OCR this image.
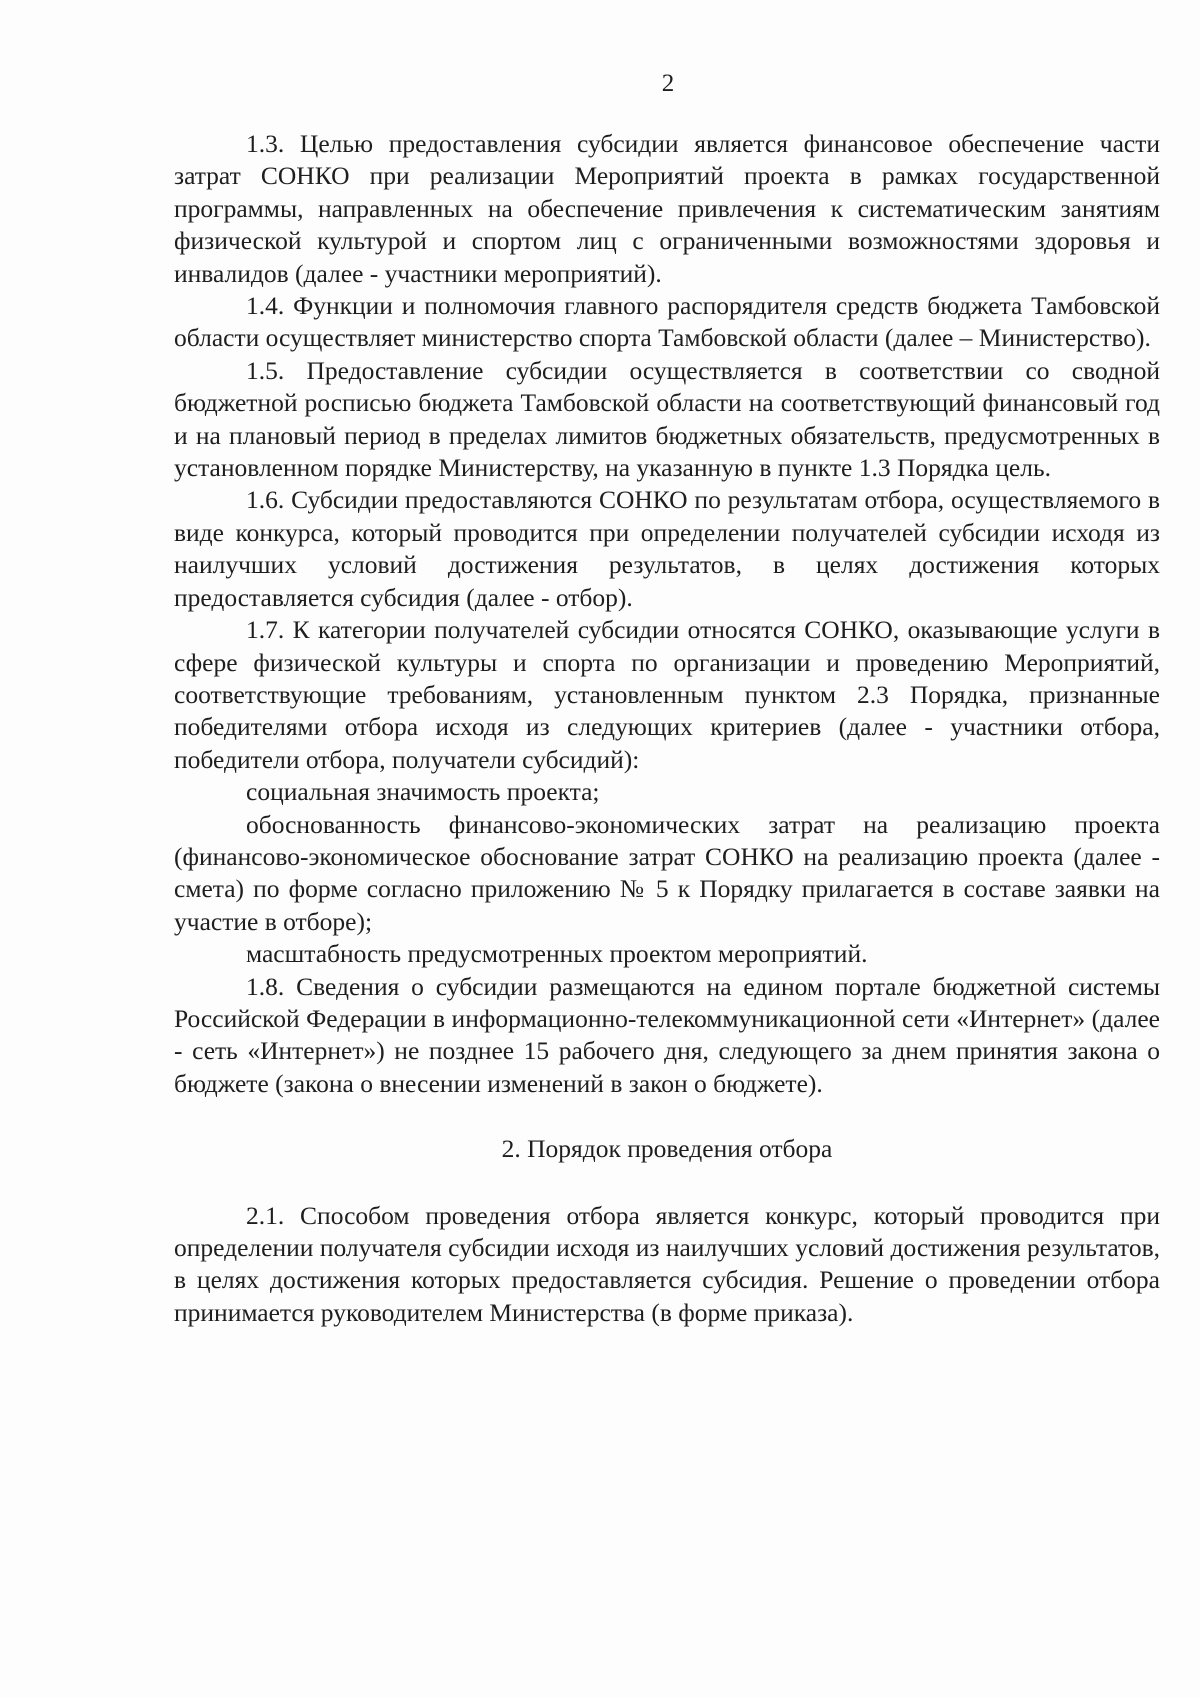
2

1.3. Целью предоставления субсидии является финансовое обеспечение части затрат СОНКО при реализации Мероприятий проекта в рамках государственной программы, направленных на обеспечение привлечения к систематическим занятиям физической культурой и спортом лиц с ограниченными возможностями здоровья и инвалидов (далее - участники мероприятий).

1.4. Функции и полномочия главного распорядителя средств бюджета Тамбовской области осуществляет министерство спорта Тамбовской области (далее – Министерство).

1.5. Предоставление субсидии осуществляется в соответствии со сводной бюджетной росписью бюджета Тамбовской области на соответствующий финансовый год и на плановый период в пределах лимитов бюджетных обязательств, предусмотренных в установленном порядке Министерству, на указанную в пункте 1.3 Порядка цель.

1.6. Субсидии предоставляются СОНКО по результатам отбора, осуществляемого в виде конкурса, который проводится при определении получателей субсидии исходя из наилучших условий достижения результатов, в целях достижения которых предоставляется субсидия (далее - отбор).

1.7. К категории получателей субсидии относятся СОНКО, оказывающие услуги в сфере физической культуры и спорта по организации и проведению Мероприятий, соответствующие требованиям, установленным пунктом 2.3 Порядка, признанные победителями отбора исходя из следующих критериев (далее - участники отбора, победители отбора, получатели субсидий):

социальная значимость проекта;

обоснованность финансово-экономических затрат на реализацию проекта (финансово-экономическое обоснование затрат СОНКО на реализацию проекта (далее - смета) по форме согласно приложению № 5 к Порядку прилагается в составе заявки на участие в отборе);

масштабность предусмотренных проектом мероприятий.

1.8. Сведения о субсидии размещаются на едином портале бюджетной системы Российской Федерации в информационно-телекоммуникационной сети «Интернет» (далее - сеть «Интернет») не позднее 15 рабочего дня, следующего за днем принятия закона о бюджете (закона о внесении изменений в закон о бюджете).

2. Порядок проведения отбора

2.1. Способом проведения отбора является конкурс, который проводится при определении получателя субсидии исходя из наилучших условий достижения результатов, в целях достижения которых предоставляется субсидия. Решение о проведении отбора принимается руководителем Министерства (в форме приказа).
